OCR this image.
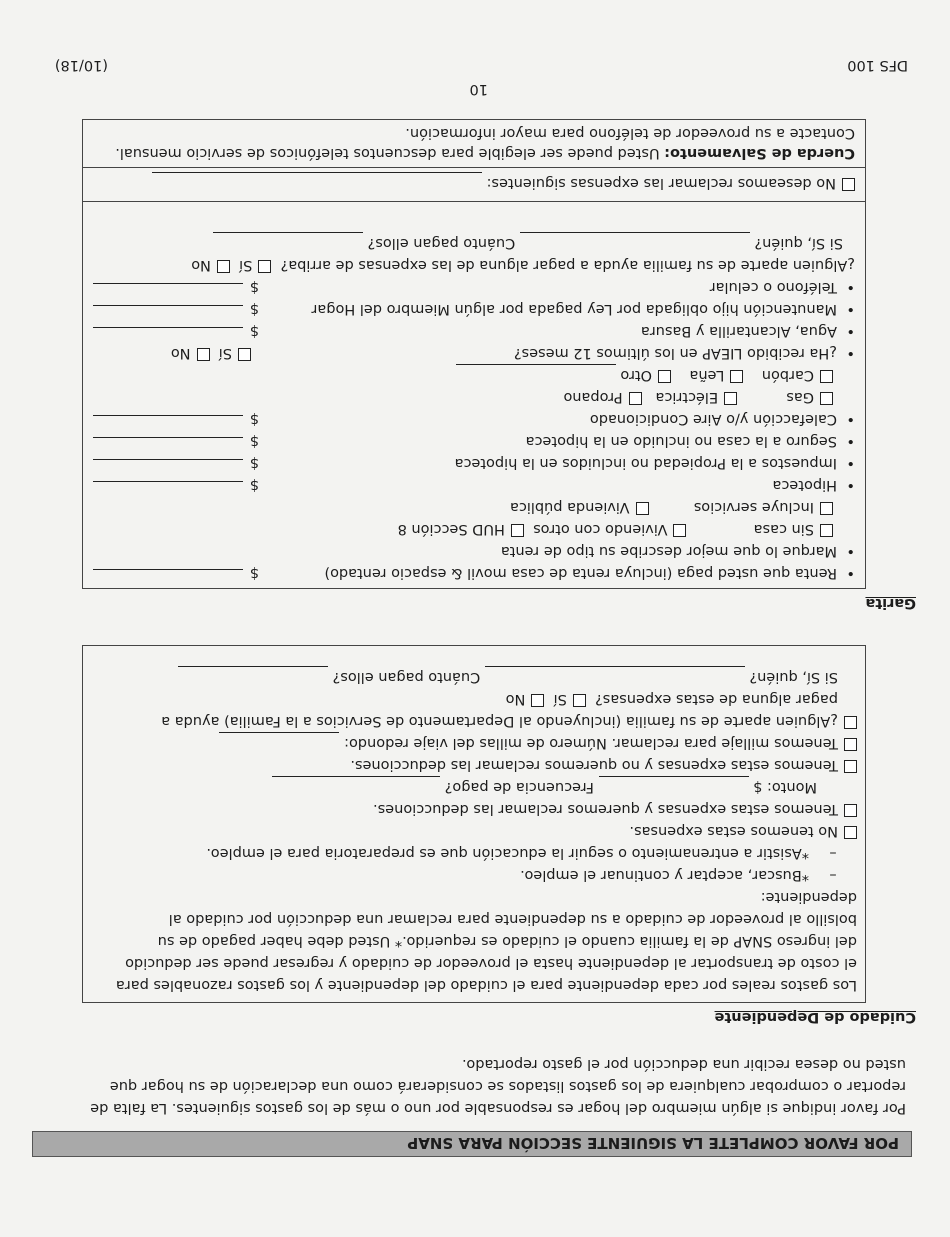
POR FAVOR COMPLETE LA SIGUIENTE SECCIÓN PARA SNAP
Por favor indique si algún miembro del hogar es responsable por uno o más de los gastos siguientes. La falta de
reportar o comprobar cualquiera de los gastos listados se considerará como una declaración de su hogar que
usted no desea recibir una deducción por el gasto reportado.
Cuidado de Dependiente
Los gastos reales por cada dependiente para el cuidado del dependiente y los gastos razonables para
el costo de transportar al dependiente hasta el proveedor de cuidado y regresar puede ser deducido
del ingreso SNAP de la familia cuando el cuidado es requerido.* Usted debe haber pagado de su
bolsillo al proveedor de cuidado a su dependiente para reclamar una deducción por cuidado al
dependiente:
–*Buscar, aceptar y continuar el empleo.
–*Asistir a entrenamiento o seguir la educación que es preparatoria para el empleo.
No tenemos estas expensas.
Tenemos estas expensas y queremos reclamar las deducciones.
Monto: $  Frecuencia de pago?
Tenemos estas expensas y no queremos reclamar las deducciones.
Tenemos millaje para reclamar. Número de millas del viaje redondo:
¿Alguien aparte de su familia (incluyendo al Departamento de Servicios a la Familia) ayuda a
pagar alguna de estas expensas?  Sí  No
Si Sí, quién?  Cuánto pagan ellos?
Garita
•Renta que usted paga (incluya renta de casa movil & espacio rentado)
$
•Marque lo que mejor describe su tipo de renta
Sin casa  Viviendo con otros  HUD Sección 8
Incluye servicios  Vivienda pública
•Hipoteca
$
•Impuestos a la Propiedad no incluidos en la hipoteca
$
•Seguro a la casa no incluido en la hipoteca
$
•Calefacción y/o Aire Condicionado
$
Gas  Eléctrica   Propano
Carbón    Leña    Otro
•¿Ha recibido LIEAP en los últimos 12 meses?
Sí  No
•Agua, Alcantarilla y Basura
$
•Manutención hijo obligada por Ley pagada por algún Miembro del Hogar
$
•Teléfono o celular
$
¿Alguien aparte de su familia ayuda a pagar alguna de las expensas de arriba?  Sí  No
Si Sí, quién?  Cuánto pagan ellos?
No deseamos reclamar las expensas siguientes:
Cuerda de Salvamento: Usted puede ser elegible para descuentos telefónicos de servicio mensual.
Contacte a su proveedor de teléfono para mayor información.
DFS 100
10
(10/18)
